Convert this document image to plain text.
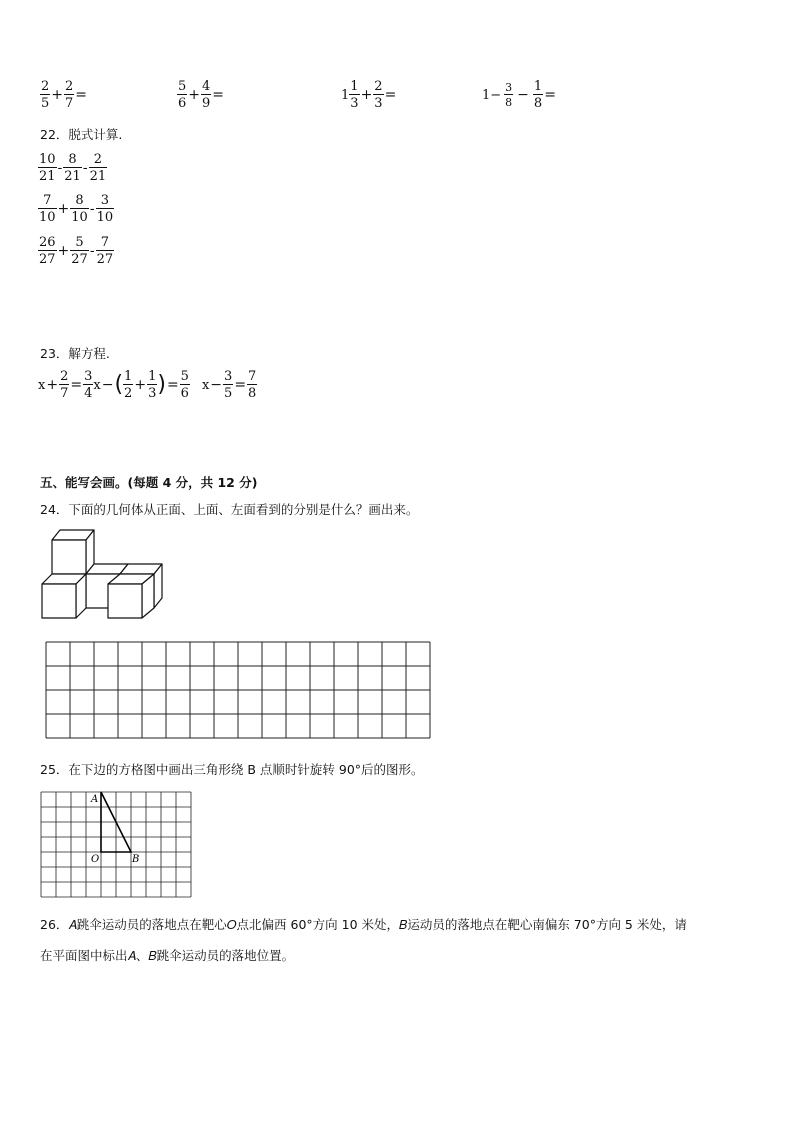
$\frac{2}{5} + \frac{2}{7}$ =	$\frac{5}{6} + \frac{4}{9}$ =	$1 \frac{1}{3} + \frac{2}{3}$ =	$1- \frac{3}{8} - \frac{1}{8}$ =
22．脱式计算.
$\frac{10}{21} - \frac{8}{21} - \frac{2}{21}$
$\frac{7}{10} + \frac{8}{10} - \frac{3}{10}$
$\frac{26}{27} + \frac{5}{27} - \frac{7}{27}$
23．解方程.
$x + \frac{2}{7} = \frac{3}{4}$ x − ( $\frac{1}{2} + \frac{1}{3}$ ) = $\frac{5}{6}$ $x - \frac{3}{5} = \frac{7}{8}$
五、能写会画。(每题 4 分，共 12 分)
24．下面的几何体从正面、上面、左面看到的分别是什么？画出来。
25．在下边的方格图中画出三角形绕 B 点顺时针旋转 90°后的图形。
A
O	B
26．𝐴跳伞运动员的落地点在靶心𝑂点北偏西 60°方向 10 米处，𝐵运动员的落地点在靶心南偏东 70°方向 5 米处，请
在平面图中标出𝐴、𝐵跳伞运动员的落地位置。
